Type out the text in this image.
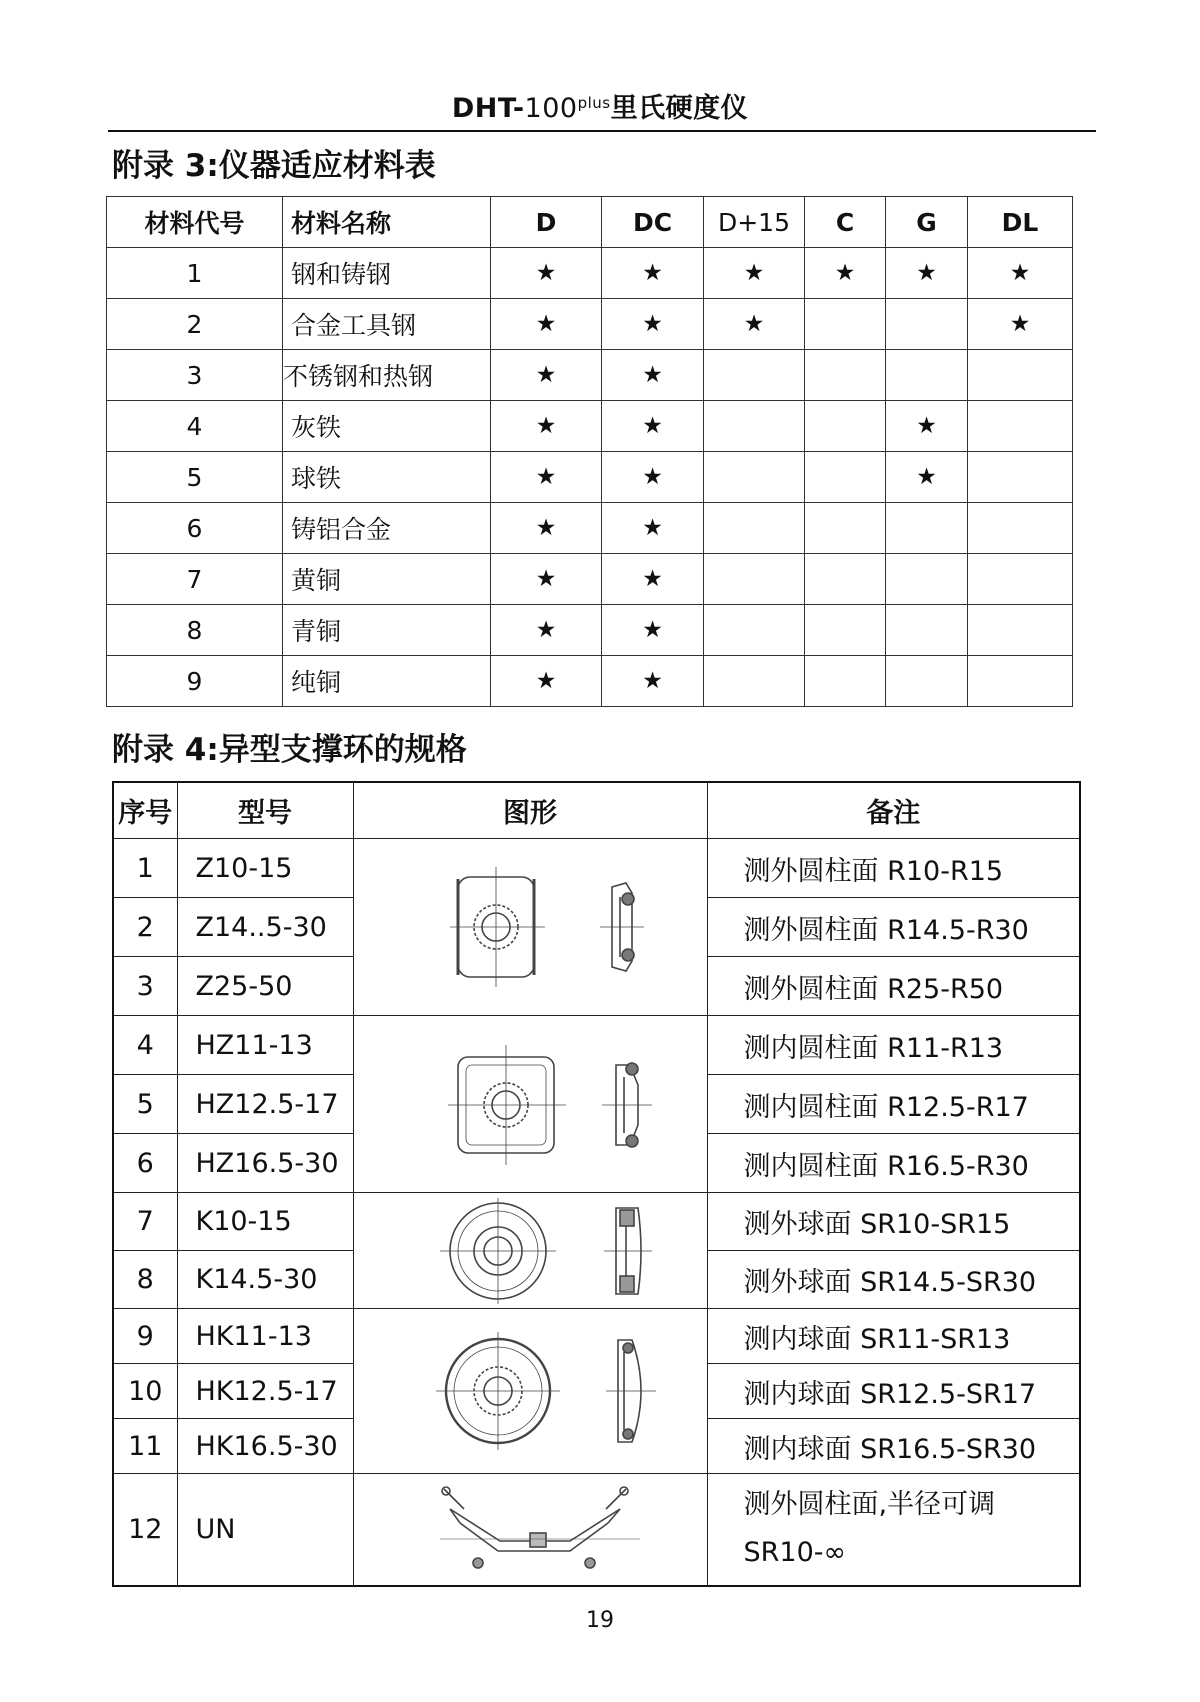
DHT-$100^{plus}$里氏硬度仪
附录 3:仪器适应材料表
材料代号	材料名称	D	DC	D+15	C	G	DL
1	钢和铸钢	★	★	★	★	★	★
2	合金工具钢	★	★	★			★
3	不锈钢和热钢	★	★				
4	灰铁	★	★			★	
5	球铁	★	★			★	
6	铸铝合金	★	★				
7	黄铜	★	★				
8	青铜	★	★				
9	纯铜	★	★				
附录 4:异型支撑环的规格
序号	型号	图形	备注
1	Z10-15		测外圆柱面 R10-R15
2	Z14..5-30		测外圆柱面 R14.5-R30
3	Z25-50		测外圆柱面 R25-R50
4	HZ11-13		测内圆柱面 R11-R13
5	HZ12.5-17		测内圆柱面 R12.5-R17
6	HZ16.5-30		测内圆柱面 R16.5-R30
7	K10-15		测外球面 SR10-SR15
8	K14.5-30		测外球面 SR14.5-SR30
9	HK11-13		测内球面 SR11-SR13
10	HK12.5-17		测内球面 SR12.5-SR17
11	HK16.5-30		测内球面 SR16.5-SR30
12	UN		测外圆柱面,半径可调
SR10-∞
19
